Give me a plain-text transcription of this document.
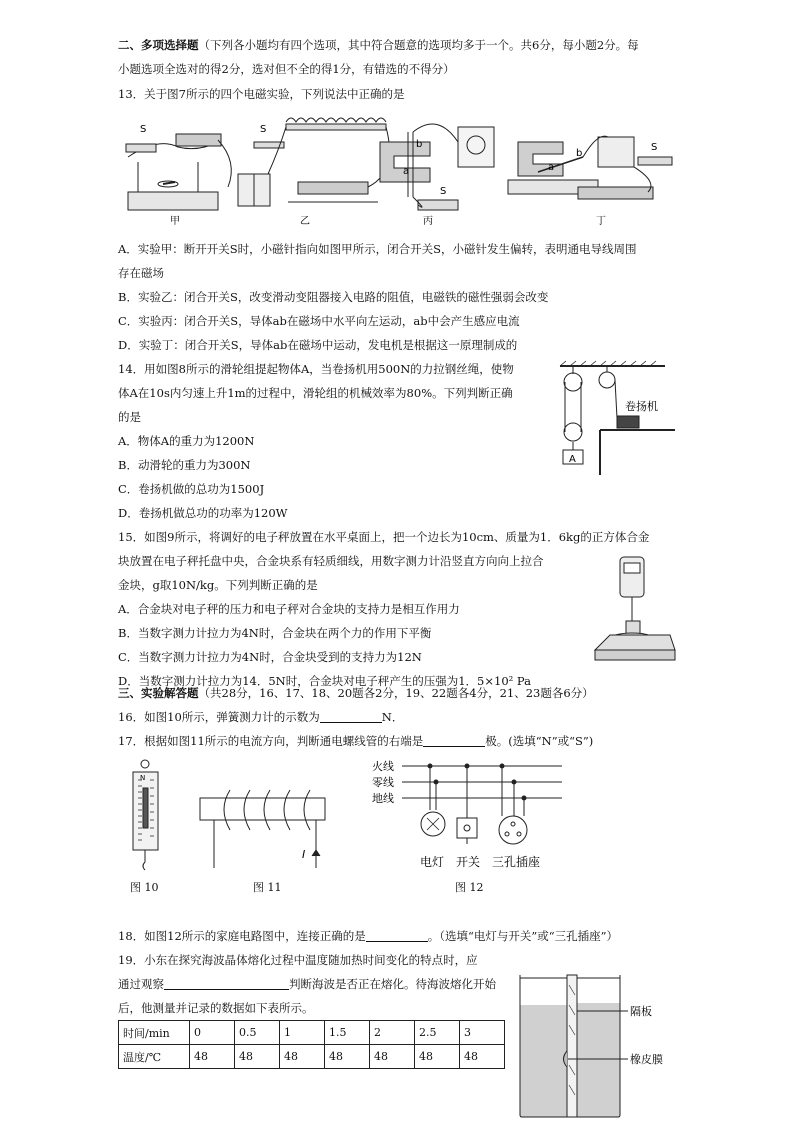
二、多项选择题（下列各小题均有四个选项，其中符合题意的选项均多于一个。共6分，每小题2分。每
小题选项全选对的得2分，选对但不全的得1分，有错选的不得分）
13．关于图7所示的四个电磁实验，下列说法中正确的是
S
甲
S
乙
b
a
S
丙
S
a
b
丁
A．实验甲：断开开关S时，小磁针指向如图甲所示，闭合开关S，小磁针发生偏转，表明通电导线周围
存在磁场
B．实验乙：闭合开关S，改变滑动变阻器接入电路的阻值，电磁铁的磁性强弱会改变
C．实验丙：闭合开关S，导体ab在磁场中水平向左运动，ab中会产生感应电流
D．实验丁：闭合开关S，导体ab在磁场中运动，发电机是根据这一原理制成的
14．用如图8所示的滑轮组提起物体A，当卷扬机用500N的力拉钢丝绳，使物
体A在10s内匀速上升1m的过程中，滑轮组的机械效率为80%。下列判断正确
的是
A．物体A的重力为1200N
B．动滑轮的重力为300N
C．卷扬机做的总功为1500J
D．卷扬机做总功的功率为120W
A
卷扬机
15．如图9所示，将调好的电子秤放置在水平桌面上，把一个边长为10cm、质量为1．6kg的正方体合金
块放置在电子秤托盘中央，合金块系有轻质细线，用数字测力计沿竖直方向向上拉合
金块，g取10N/kg。下列判断正确的是
A．合金块对电子秤的压力和电子秤对合金块的支持力是相互作用力
B．当数字测力计拉力为4N时，合金块在两个力的作用下平衡
C．当数字测力计拉力为4N时，合金块受到的支持力为12N
D．当数字测力计拉力为14．5N时，合金块对电子秤产生的压强为1．5×10² Pa
三、实验解答题（共28分，16、17、18、20题各2分，19、22题各4分，21、23题各6分）
16．如图10所示，弹簧测力计的示数为	N．
17．根据如图11所示的电流方向，判断通电螺线管的右端是	极。(选填“N”或“S”)
N
图 10
I
图 11
火线
零线
地线
电灯 开关 三孔插座
图 12
18．如图12所示的家庭电路图中，连接正确的是	。（选填“电灯与开关”或“三孔插座”）
19．小东在探究海波晶体熔化过程中温度随加热时间变化的特点时，应
通过观察	判断海波是否正在熔化。待海波熔化开始
后，他测量并记录的数据如下表所示。
时间/min	0	0.5	1	1.5	2	2.5	3
温度/℃	48	48	48	48	48	48	48
隔板
橡皮膜
